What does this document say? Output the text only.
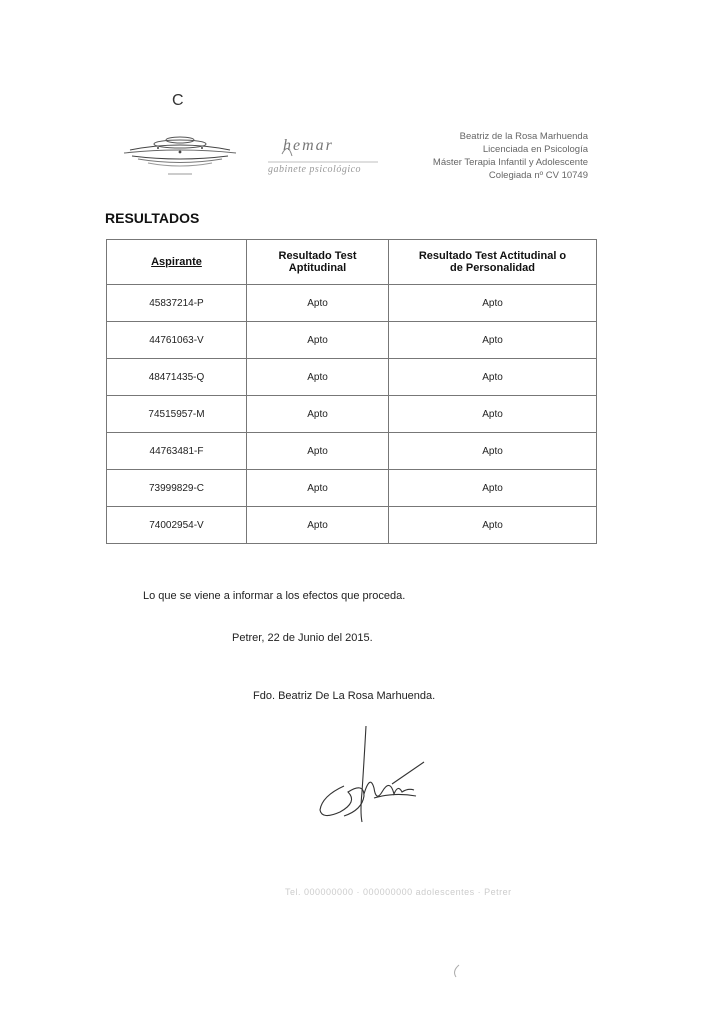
C
hemar
gabinete psicológico
Beatriz de la Rosa Marhuenda
Licenciada en Psicología
Máster Terapia Infantil y Adolescente
Colegiada nº CV 10749
RESULTADOS
Aspirante	Resultado Test Aptitudinal	Resultado Test Actitudinal o de Personalidad
45837214-P	Apto	Apto
44761063-V	Apto	Apto
48471435-Q	Apto	Apto
74515957-M	Apto	Apto
44763481-F	Apto	Apto
73999829-C	Apto	Apto
74002954-V	Apto	Apto
Lo que se viene a informar a los efectos que proceda.
Petrer, 22 de Junio del 2015.
Fdo. Beatriz De La Rosa Marhuenda.
Tel. 000000000 · 000000000 adolescentes · Petrer
